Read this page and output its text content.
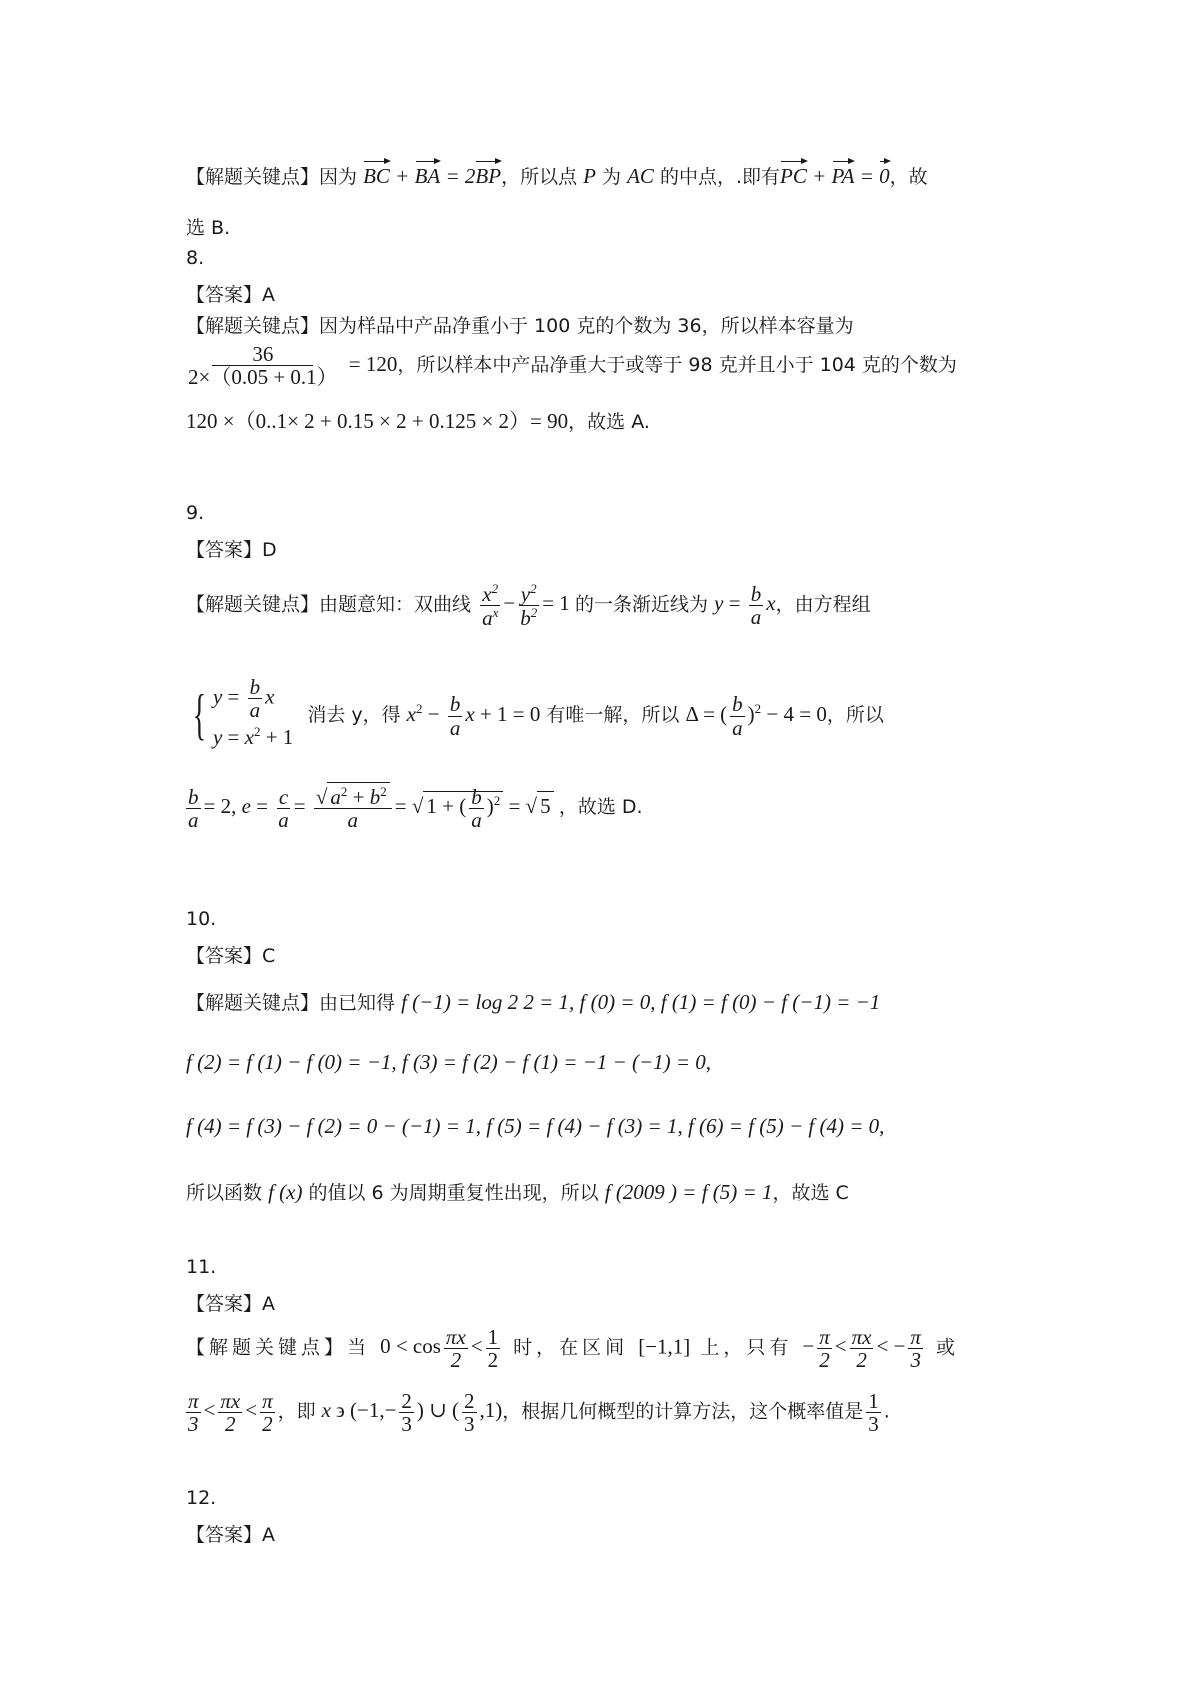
【解题关键点】因为 BC + BA = 2BP，所以点 P 为 AC 的中点，.即有PC + PA = 0，故
选 B.
8.
【答案】A
【解题关键点】因为样品中产品净重小于 100 克的个数为 36，所以样本容量为
$\frac{36}{2\times(0.05 + 0.1)} = 120$，所以样本中产品净重大于或等于 98 克并且小于 104 克的个数为
120 ×（0..1× 2 + 0.15 × 2 + 0.125 × 2）= 90，故选 A.
9.
【答案】D
【解题关键点】由题意知：双曲线 $\frac{x^2}{a^x} - \frac{y^2}{b^2} = 1$ 的一条渐近线为 $y = \frac{b}{a}$ x，由方程组
{ $y = \frac{b}{a}$ x
$y = x^2 + 1$
消去 y，得 $x^2 - \frac{b}{a}$ x + 1 = 0 有唯一解，所以 Δ = ( $\frac{b}{a} )^2 - 4 = 0$，所以
$\frac{b}{a} = 2$, $e = \frac{c}{a} = \frac{√ a^2 + b^2}{a}$ = √ 1 + ( $\frac{b}{a} )^2$ = √ 5 ，故选 D.
10.
【答案】C
【解题关键点】由已知得 f (−1) = log 2 2 = 1, f (0) = 0, f (1) = f (0) − f (−1) = −1
f (2) = f (1) − f (0) = −1, f (3) = f (2) − f (1) = −1 − (−1) = 0,
f (4) = f (3) − f (2) = 0 − (−1) = 1, f (5) = f (4) − f (3) = 1, f (6) = f (5) − f (4) = 0,
所以函数 f (x) 的值以 6 为周期重复性出现，所以 f (2009 ) = f (5) = 1，故选 C
11.
【答案】A
【解题关键点】当 $0 < \cos \frac{\pi x}{2} < \frac{1}{2}$ 时，在区间 [−1,1] 上，只有 − $\frac{\pi}{2} < \frac{\pi x}{2}$ < − $\frac{\pi}{3}$ 或
$\frac{\pi}{3} < \frac{\pi x}{2} < \frac{\pi}{2}$ ，即 x ϶ ($-1,- \frac{2}{3}$ ) ∪ ( $\frac{2}{3} ,1$)，根据几何概型的计算方法，这个概率值是 $\frac{1}{3}$ .
12.
【答案】A
